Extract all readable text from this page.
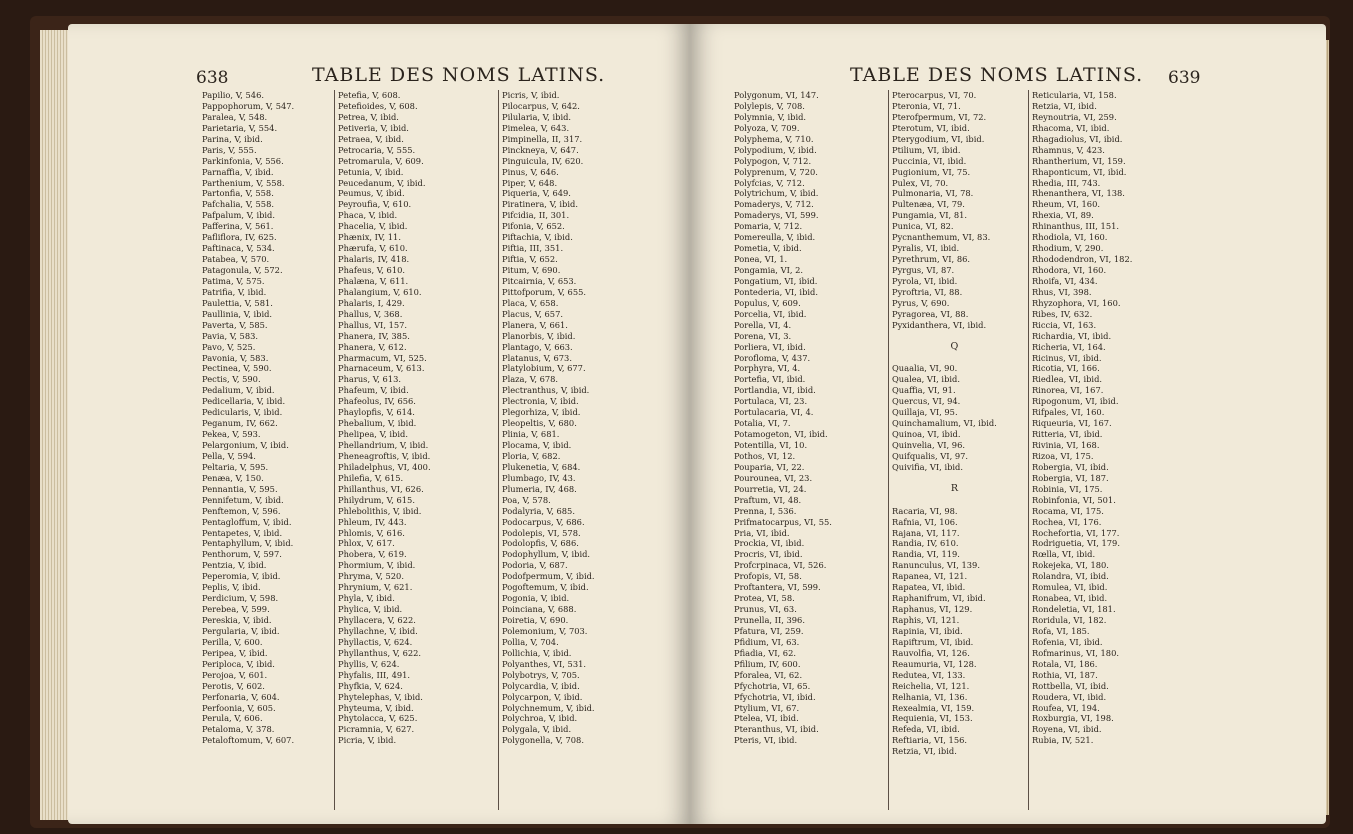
638	TABLE DES NOMS LATINS.
Papilio, V, 546.
Pappophorum, V, 547.
Paralea, V, 548.
Parietaria, V, 554.
Parina, V, ibid.
Paris, V, 555.
Parkinfonia, V, 556.
Parnaffia, V, ibid.
Parthenium, V, 558.
Partonfia, V, 558.
Pafchalia, V, 558.
Pafpalum, V, ibid.
Pafferina, V, 561.
Pafliflora, IV, 625.
Paftinaca, V, 534.
Patabea, V, 570.
Patagonula, V, 572.
Patima, V, 575.
Patrifia, V, ibid.
Paulettia, V, 581.
Paullinia, V, ibid.
Paverta, V, 585.
Pavia, V, 583.
Pavo, V, 525.
Pavonia, V, 583.
Pectinea, V, 590.
Pectis, V, 590.
Pedalium, V, ibid.
Pedicellaria, V, ibid.
Pedicularis, V, ibid.
Peganum, IV, 662.
Pekea, V, 593.
Pelargonium, V, ibid.
Pella, V, 594.
Peltaria, V, 595.
Penæa, V, 150.
Pennantia, V, 595.
Pennifetum, V, ibid.
Penftemon, V, 596.
Pentagloffum, V, ibid.
Pentapetes, V, ibid.
Pentaphyllum, V, ibid.
Penthorum, V, 597.
Pentzia, V, ibid.
Peperomia, V, ibid.
Peplis, V, ibid.
Perdicium, V, 598.
Perebea, V, 599.
Pereskia, V, ibid.
Pergularia, V, ibid.
Perilla, V, 600.
Peripea, V, ibid.
Periploca, V, ibid.
Perojoa, V, 601.
Perotis, V, 602.
Perfonaria, V, 604.
Perfoonia, V, 605.
Perula, V, 606.
Petaloma, V, 378.
Petaloftomum, V, 607.
Petefia, V, 608.
Petefioides, V, 608.
Petrea, V, ibid.
Petiveria, V, ibid.
Petraea, V, ibid.
Petrocaria, V, 555.
Petromarula, V, 609.
Petunia, V, ibid.
Peucedanum, V, ibid.
Peumus, V, ibid.
Peyroufia, V, 610.
Phaca, V, ibid.
Phacelia, V, ibid.
Phænix, IV, 11.
Phærufa, V, 610.
Phalaris, IV, 418.
Phafeus, V, 610.
Phalæna, V, 611.
Phalangium, V, 610.
Phalaris, I, 429.
Phallus, V, 368.
Phallus, VI, 157.
Phanera, IV, 385.
Phanera, V, 612.
Pharmacum, VI, 525.
Pharnaceum, V, 613.
Pharus, V, 613.
Phafeum, V, ibid.
Phafeolus, IV, 656.
Phaylopfis, V, 614.
Phebalium, V, ibid.
Phelipea, V, ibid.
Phellandrium, V, ibid.
Pheneagroftis, V, ibid.
Philadelphus, VI, 400.
Philefia, V, 615.
Phillanthus, VI, 626.
Philydrum, V, 615.
Phlebolithis, V, ibid.
Phleum, IV, 443.
Phlomis, V, 616.
Phlox, V, 617.
Phobera, V, 619.
Phormium, V, ibid.
Phryma, V, 520.
Phrynium, V, 621.
Phyla, V, ibid.
Phylica, V, ibid.
Phyllacera, V, 622.
Phyllachne, V, ibid.
Phyllactis, V, 624.
Phyllanthus, V, 622.
Phyllis, V, 624.
Phyfalis, III, 491.
Phyfkia, V, 624.
Phytelephas, V, ibid.
Phyteuma, V, ibid.
Phytolacca, V, 625.
Picramnia, V, 627.
Picria, V, ibid.
Picris, V, ibid.
Pilocarpus, V, 642.
Pilularia, V, ibid.
Pimelea, V, 643.
Pimpinella, II, 317.
Pinckneya, V, 647.
Pinguicula, IV, 620.
Pinus, V, 646.
Piper, V, 648.
Piqueria, V, 649.
Piratinera, V, ibid.
Pifcidia, II, 301.
Pifonia, V, 652.
Piftachia, V, ibid.
Piftia, III, 351.
Piftia, V, 652.
Pitum, V, 690.
Pitcairnia, V, 653.
Pittofporum, V, 655.
Placa, V, 658.
Placus, V, 657.
Planera, V, 661.
Planorbis, V, ibid.
Plantago, V, 663.
Platanus, V, 673.
Platylobium, V, 677.
Plaza, V, 678.
Plectranthus, V, ibid.
Plectronia, V, ibid.
Plegorhiza, V, ibid.
Pleopeltis, V, 680.
Plinia, V, 681.
Plocama, V, ibid.
Ploria, V, 682.
Plukenetia, V, 684.
Plumbago, IV, 43.
Plumeria, IV, 468.
Poa, V, 578.
Podalyria, V, 685.
Podocarpus, V, 686.
Podolepis, VI, 578.
Podolopfis, V, 686.
Podophyllum, V, ibid.
Podoria, V, 687.
Podofpermum, V, ibid.
Pogoftemum, V, ibid.
Pogonia, V, ibid.
Poinciana, V, 688.
Poiretia, V, 690.
Polemonium, V, 703.
Pollia, V, 704.
Pollichia, V, ibid.
Polyanthes, VI, 531.
Polybotrys, V, 705.
Polycardia, V, ibid.
Polycarpon, V, ibid.
Polychnemum, V, ibid.
Polychroa, V, ibid.
Polygala, V, ibid.
Polygonella, V, 708.
TABLE DES NOMS LATINS. 639
Polygonum, VI, 147.
Polylepis, V, 708.
Polymnia, V, ibid.
Polyoza, V, 709.
Polyphema, V, 710.
Polypodium, V, ibid.
Polypogon, V, 712.
Polyprenum, V, 720.
Polyfcias, V, 712.
Polytrichum, V, ibid.
Pomaderys, V, 712.
Pomaderys, VI, 599.
Pomaria, V, 712.
Pomereulla, V, ibid.
Pometia, V, ibid.
Ponea, VI, 1.
Pongamia, VI, 2.
Pongatium, VI, ibid.
Pontederia, VI, ibid.
Populus, V, 609.
Porcelia, VI, ibid.
Porella, VI, 4.
Porena, VI, 3.
Porliera, VI, ibid.
Porofloma, V, 437.
Porphyra, VI, 4.
Portefia, VI, ibid.
Portlandia, VI, ibid.
Portulaca, VI, 23.
Portulacaria, VI, 4.
Potalia, VI, 7.
Potamogeton, VI, ibid.
Potentilla, VI, 10.
Pothos, VI, 12.
Pouparia, VI, 22.
Pourounea, VI, 23.
Pourretia, VI, 24.
Praftum, VI, 48.
Prenna, I, 536.
Prifmatocarpus, VI, 55.
Pria, VI, ibid.
Prockia, VI, ibid.
Procris, VI, ibid.
Profcrpinaca, VI, 526.
Profopis, VI, 58.
Proftantera, VI, 599.
Protea, VI, 58.
Prunus, VI, 63.
Prunella, II, 396.
Pfatura, VI, 259.
Pfidium, VI, 63.
Pfiadia, VI, 62.
Pfilium, IV, 600.
Pforalea, VI, 62.
Pfychotria, VI, 65.
Pfychotria, VI, ibid.
Ptylium, VI, 67.
Ptelea, VI, ibid.
Pteranthus, VI, ibid.
Pteris, VI, ibid.
Pterocarpus, VI, 70.
Pteronia, VI, 71.
Pterofpermum, VI, 72.
Pterotum, VI, ibid.
Pterygodium, VI, ibid.
Ptilium, VI, ibid.
Puccinia, VI, ibid.
Pugionium, VI, 75.
Pulex, VI, 70.
Pulmonaria, VI, 78.
Pultenæa, VI, 79.
Pungamia, VI, 81.
Punica, VI, 82.
Pycnanthemum, VI, 83.
Pyralis, VI, ibid.
Pyrethrum, VI, 86.
Pyrgus, VI, 87.
Pyrola, VI, ibid.
Pyroftria, VI, 88.
Pyrus, V, 690.
Pyragorea, VI, 88.
Pyxidanthera, VI, ibid.
Q
Quaalia, VI, 90.
Qualea, VI, ibid.
Quaffia, VI, 91.
Quercus, VI, 94.
Quillaja, VI, 95.
Quinchamalium, VI, ibid.
Quinoa, VI, ibid.
Quinvelia, VI, 96.
Quifqualis, VI, 97.
Quivifia, VI, ibid.
R
Racaria, VI, 98.
Rafnia, VI, 106.
Rajana, VI, 117.
Randia, IV, 610.
Randia, VI, 119.
Ranunculus, VI, 139.
Rapanea, VI, 121.
Rapatea, VI, ibid.
Raphanifrum, VI, ibid.
Raphanus, VI, 129.
Raphis, VI, 121.
Rapinia, VI, ibid.
Rapiftrum, VI, ibid.
Rauvolfia, VI, 126.
Reaumuria, VI, 128.
Redutea, VI, 133.
Reichelia, VI, 121.
Relhania, VI, 136.
Rexealmia, VI, 159.
Requienia, VI, 153.
Refeda, VI, ibid.
Reftiaria, VI, 156.
Retzia, VI, ibid.
Reticularia, VI, 158.
Retzia, VI, ibid.
Reynoutria, VI, 259.
Rhacoma, VI, ibid.
Rhagadiolus, VI, ibid.
Rhamnus, V, 423.
Rhantherium, VI, 159.
Rhaponticum, VI, ibid.
Rhedia, III, 743.
Rhenanthera, VI, 138.
Rheum, VI, 160.
Rhexia, VI, 89.
Rhinanthus, III, 151.
Rhodiola, VI, 160.
Rhodium, V, 290.
Rhododendron, VI, 182.
Rhodora, VI, 160.
Rhoifa, VI, 434.
Rhus, VI, 398.
Rhyzophora, VI, 160.
Ribes, IV, 632.
Riccia, VI, 163.
Richardia, VI, ibid.
Richeria, VI, 164.
Ricinus, VI, ibid.
Ricotia, VI, 166.
Riedlea, VI, ibid.
Rinorea, VI, 167.
Ripogonum, VI, ibid.
Rifpales, VI, 160.
Riqueuria, VI, 167.
Ritteria, VI, ibid.
Rivinia, VI, 168.
Rizoa, VI, 175.
Robergia, VI, ibid.
Robergia, VI, 187.
Robinia, VI, 175.
Robinfonia, VI, 501.
Rocama, VI, 175.
Rochea, VI, 176.
Rochefortia, VI, 177.
Rodriguetia, VI, 179.
Rœlla, VI, ibid.
Rokejeka, VI, 180.
Rolandra, VI, ibid.
Romulea, VI, ibid.
Ronabea, VI, ibid.
Rondeletia, VI, 181.
Roridula, VI, 182.
Rofa, VI, 185.
Rofenia, VI, ibid.
Rofmarinus, VI, 180.
Rotala, VI, 186.
Rothia, VI, 187.
Rottbella, VI, ibid.
Roudera, VI, ibid.
Roufea, VI, 194.
Roxburgia, VI, 198.
Royena, VI, ibid.
Rubia, IV, 521.
